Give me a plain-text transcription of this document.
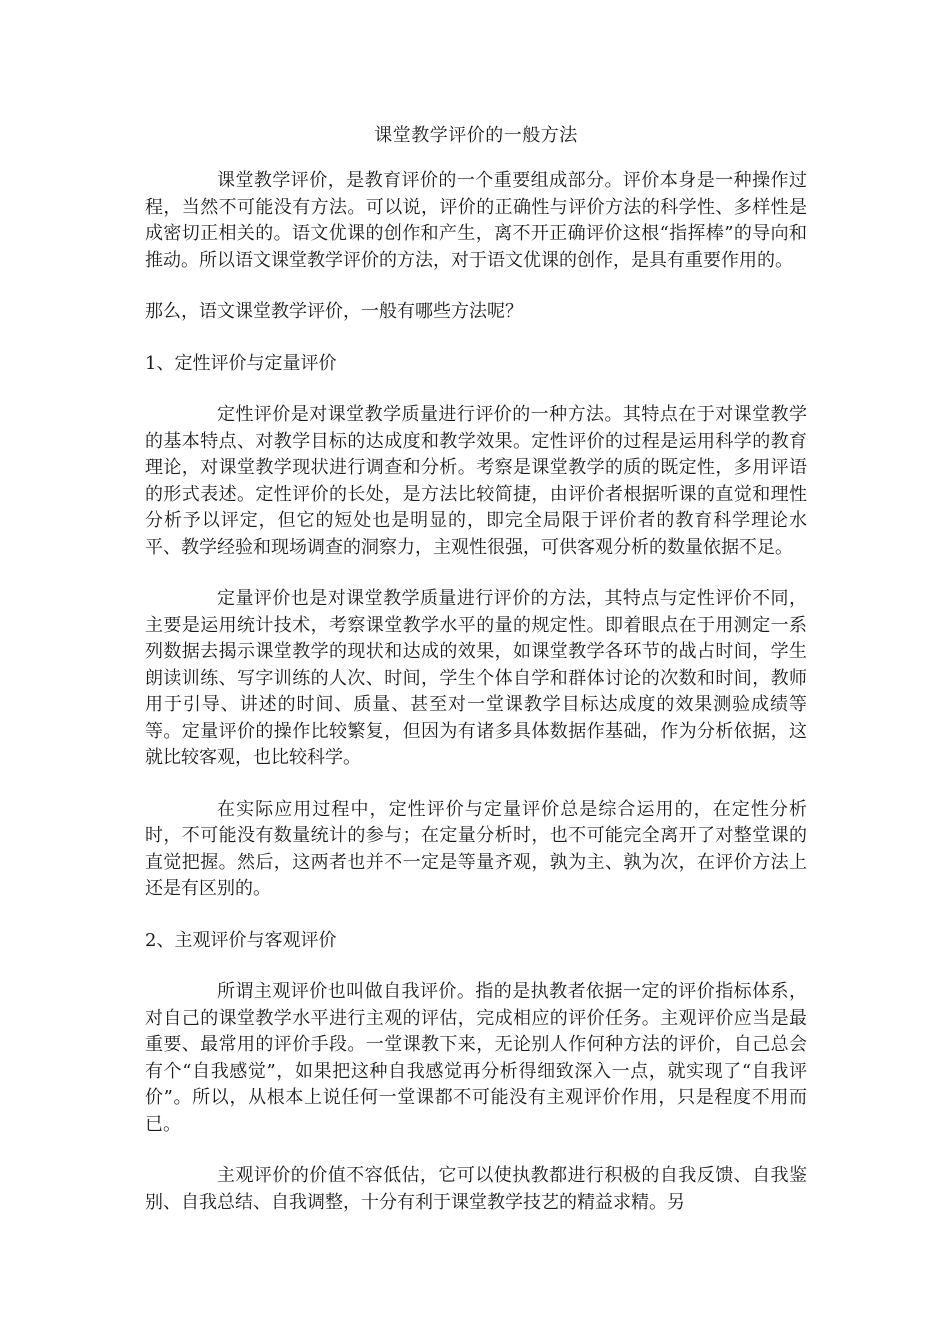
课堂教学评价的一般方法

课堂教学评价，是教育评价的一个重要组成部分。评价本身是一种操作过程，当然不可能没有方法。可以说，评价的正确性与评价方法的科学性、多样性是成密切正相关的。语文优课的创作和产生，离不开正确评价这根“指挥棒”的导向和推动。所以语文课堂教学评价的方法，对于语文优课的创作，是具有重要作用的。

那么，语文课堂教学评价，一般有哪些方法呢？

1、定性评价与定量评价

定性评价是对课堂教学质量进行评价的一种方法。其特点在于对课堂教学的基本特点、对教学目标的达成度和教学效果。定性评价的过程是运用科学的教育理论，对课堂教学现状进行调查和分析。考察是课堂教学的质的既定性，多用评语的形式表述。定性评价的长处，是方法比较简捷，由评价者根据听课的直觉和理性分析予以评定，但它的短处也是明显的，即完全局限于评价者的教育科学理论水平、教学经验和现场调查的洞察力，主观性很强，可供客观分析的数量依据不足。

定量评价也是对课堂教学质量进行评价的方法，其特点与定性评价不同，主要是运用统计技术，考察课堂教学水平的量的规定性。即着眼点在于用测定一系列数据去揭示课堂教学的现状和达成的效果，如课堂教学各环节的战占时间，学生朗读训练、写字训练的人次、时间，学生个体自学和群体讨论的次数和时间，教师用于引导、讲述的时间、质量、甚至对一堂课教学目标达成度的效果测验成绩等等。定量评价的操作比较繁复，但因为有诸多具体数据作基础，作为分析依据，这就比较客观，也比较科学。

在实际应用过程中，定性评价与定量评价总是综合运用的，在定性分析时，不可能没有数量统计的参与；在定量分析时，也不可能完全离开了对整堂课的直觉把握。然后，这两者也并不一定是等量齐观，孰为主、孰为次，在评价方法上还是有区别的。

2、主观评价与客观评价

所谓主观评价也叫做自我评价。指的是执教者依据一定的评价指标体系，对自己的课堂教学水平进行主观的评估，完成相应的评价任务。主观评价应当是最重要、最常用的评价手段。一堂课教下来，无论别人作何种方法的评价，自己总会有个“自我感觉”，如果把这种自我感觉再分析得细致深入一点，就实现了“自我评价”。所以，从根本上说任何一堂课都不可能没有主观评价作用，只是程度不用而已。

主观评价的价值不容低估，它可以使执教都进行积极的自我反馈、自我鉴别、自我总结、自我调整，十分有利于课堂教学技艺的精益求精。另
